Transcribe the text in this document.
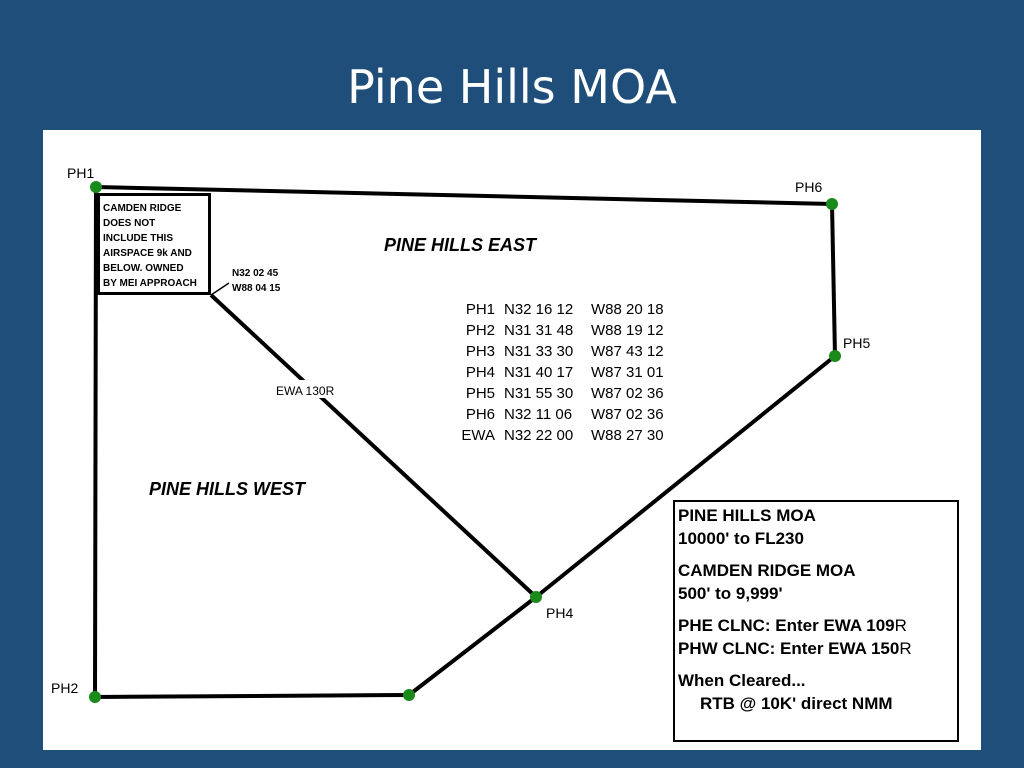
Pine Hills MOA
PH1
PH6
PH5
PH4
PH2
PINE HILLS EAST
PINE HILLS WEST
N32 02 45
W88 04 15
EWA 130R
PH1 N32 16 12 W88 20 18
PH2 N31 31 48 W88 19 12
PH3 N31 33 30 W87 43 12
PH4 N31 40 17 W87 31 01
PH5 N31 55 30 W87 02 36
PH6 N32 11 06 W87 02 36
EWA N32 22 00 W88 27 30
CAMDEN RIDGE
DOES NOT
INCLUDE THIS
AIRSPACE 9k AND
BELOW. OWNED
BY MEI APPROACH
PINE HILLS MOA
10000' to FL230
CAMDEN RIDGE MOA
500' to 9,999'
PHE CLNC: Enter EWA 109R
PHW CLNC: Enter EWA 150R
When Cleared...
RTB @ 10K' direct NMM
